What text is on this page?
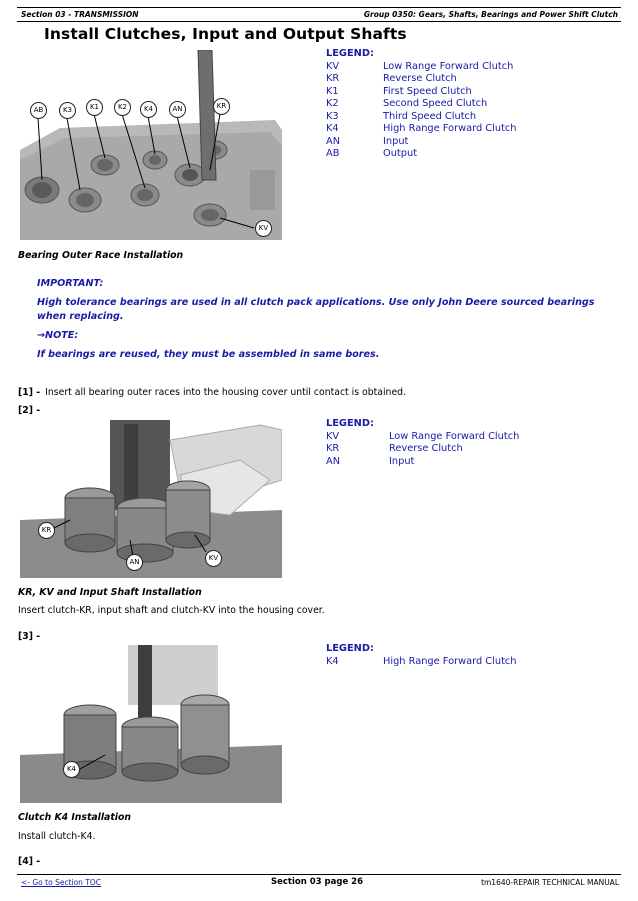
Section 03 - TRANSMISSION	Group 0350: Gears, Shafts, Bearings and Power Shift Clutch
Install Clutches, Input and Output Shafts
AB	K3	K1	K2	K4	AN	KR
KV
LEGEND:
KV	Low Range Forward Clutch
KR	Reverse Clutch
K1	First Speed Clutch
K2	Second Speed Clutch
K3	Third Speed Clutch
K4	High Range Forward Clutch
AN	Input
AB	Output
Bearing Outer Race Installation
IMPORTANT:
High tolerance bearings are used in all clutch pack applications. Use only John Deere sourced bearings
when replacing.
→NOTE:
If bearings are reused, they must be assembled in same bores.
[1] - Insert all bearing outer races into the housing cover until contact is obtained.
[2] -
KR
AN	KV
LEGEND:
KV	Low Range Forward Clutch
KR	Reverse Clutch
AN	Input
KR, KV and Input Shaft Installation
Insert clutch-KR, input shaft and clutch-KV into the housing cover.
[3] -
K4
LEGEND:
K4	High Range Forward Clutch
Clutch K4 Installation
Install clutch-K4.
[4] -
<- Go to Section TOC	Section 03 page 26	tm1640-REPAIR TECHNICAL MANUAL
